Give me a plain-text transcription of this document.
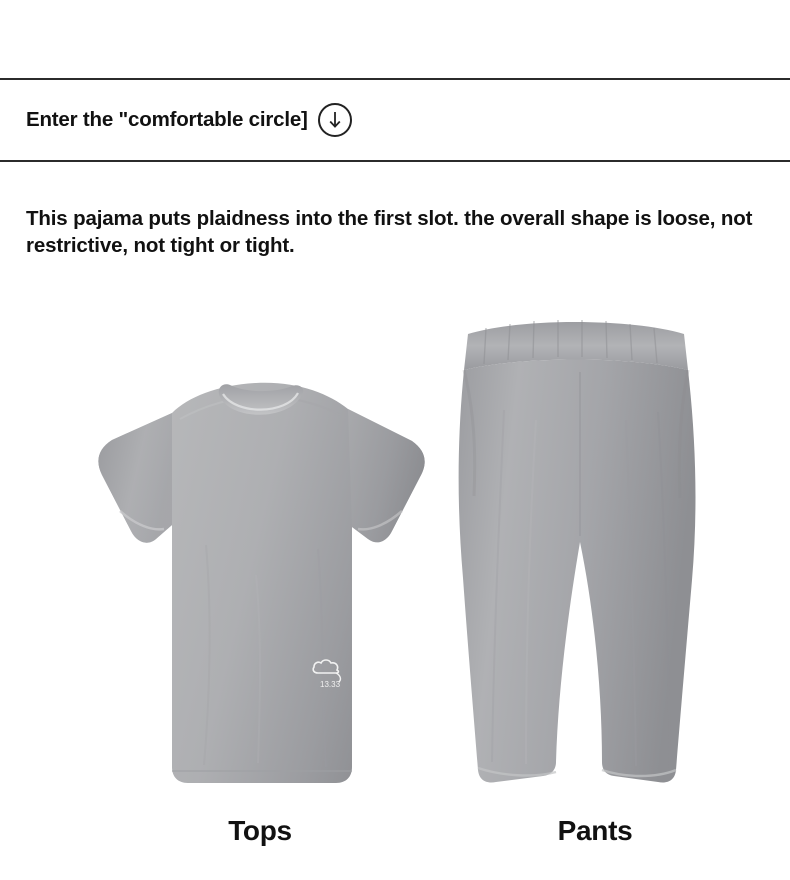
Enter the "comfortable circle]
This pajama puts plaidness into the first slot. the overall shape is loose, not restrictive, not tight or tight.
13.33
Tops	Pants
